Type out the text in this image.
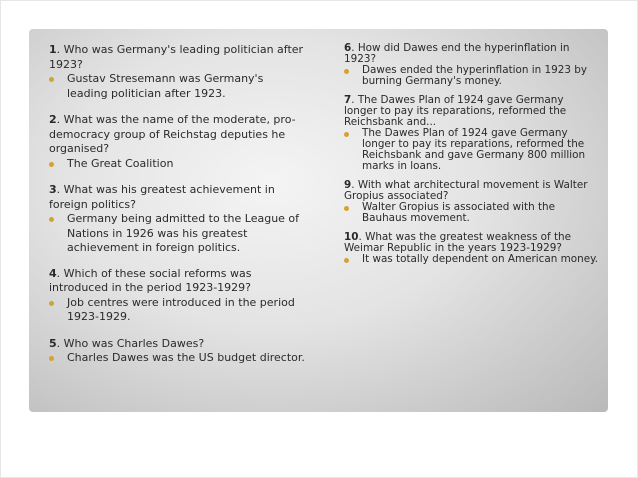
1. Who was Germany's leading politician after 1923?

Gustav Stresemann was Germany's leading politician after 1923.

2. What was the name of the moderate, pro-democracy group of Reichstag deputies he organised?

The Great Coalition

3. What was his greatest achievement in foreign politics?

Germany being admitted to the League of Nations in 1926 was his greatest achievement in foreign politics.

4. Which of these social reforms was introduced in the period 1923-1929?

Job centres were introduced in the period 1923-1929.

5. Who was Charles Dawes?

Charles Dawes was the US budget director.

6. How did Dawes end the hyperinflation in 1923?

Dawes ended the hyperinflation in 1923 by burning Germany's money.

7. The Dawes Plan of 1924 gave Germany longer to pay its reparations, reformed the Reichsbank and...

The Dawes Plan of 1924 gave Germany longer to pay its reparations, reformed the Reichsbank and gave Germany 800 million marks in loans.

9. With what architectural movement is Walter Gropius associated?

Walter Gropius is associated with the Bauhaus movement.

10. What was the greatest weakness of the Weimar Republic in the years 1923-1929?

It was totally dependent on American money.
